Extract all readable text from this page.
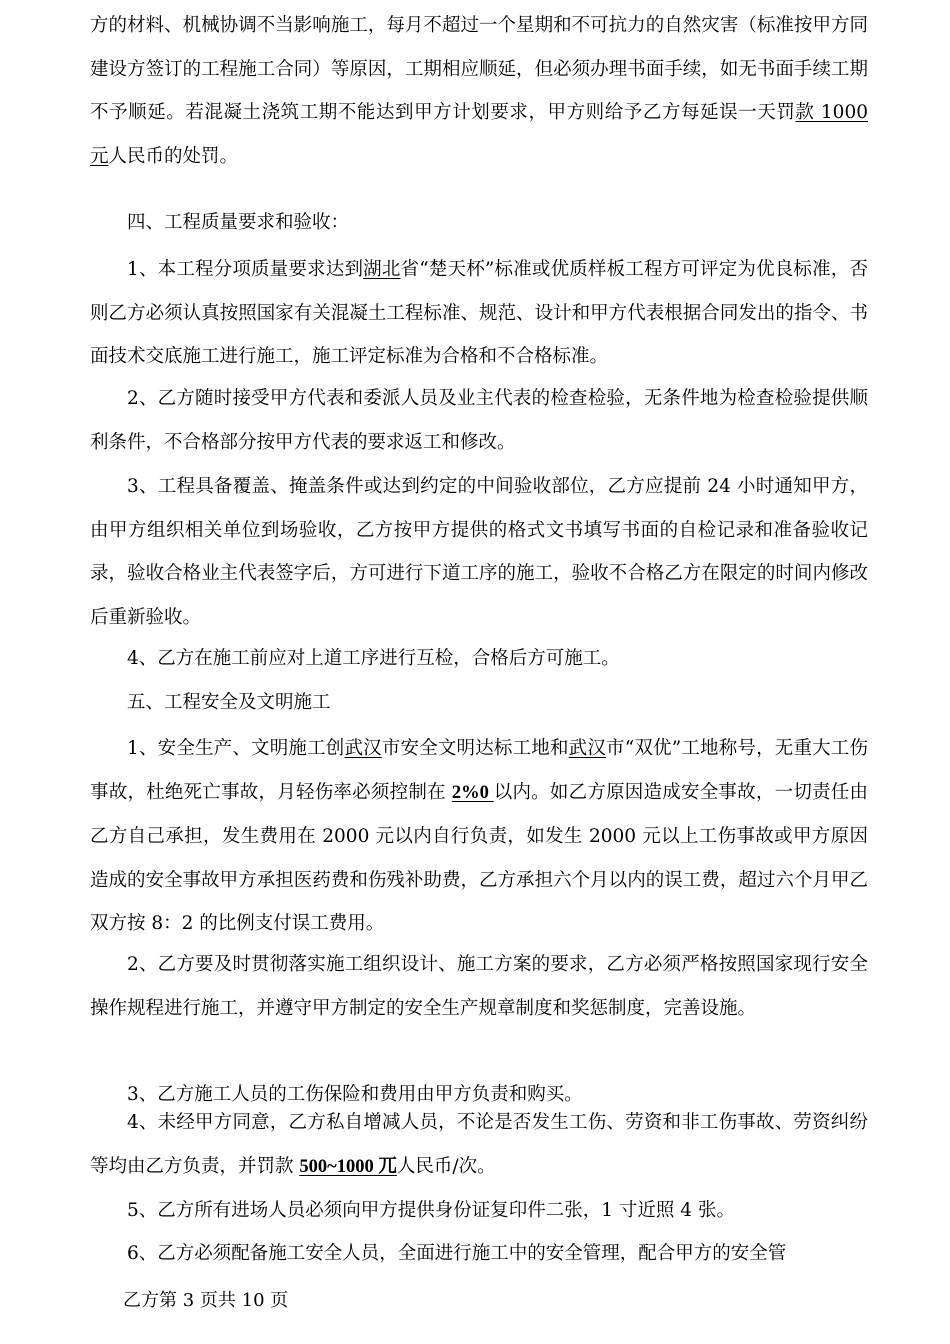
方的材料、机械协调不当影响施工，每月不超过一个星期和不可抗力的自然灾害（标准按甲方同建设方签订的工程施工合同）等原因，工期相应顺延，但必须办理书面手续，如无书面手续工期不予顺延。若混凝土浇筑工期不能达到甲方计划要求，甲方则给予乙方每延误一天罚款 1000 元人民币的处罚。
四、工程质量要求和验收：
1、本工程分项质量要求达到湖北省“楚天杯”标准或优质样板工程方可评定为优良标准，否则乙方必须认真按照国家有关混凝土工程标准、规范、设计和甲方代表根据合同发出的指令、书面技术交底施工进行施工，施工评定标准为合格和不合格标准。
2、乙方随时接受甲方代表和委派人员及业主代表的检查检验，无条件地为检查检验提供顺利条件，不合格部分按甲方代表的要求返工和修改。
3、工程具备覆盖、掩盖条件或达到约定的中间验收部位，乙方应提前 24 小时通知甲方，由甲方组织相关单位到场验收，乙方按甲方提供的格式文书填写书面的自检记录和准备验收记录，验收合格业主代表签字后，方可进行下道工序的施工，验收不合格乙方在限定的时间内修改后重新验收。
4、乙方在施工前应对上道工序进行互检，合格后方可施工。
五、工程安全及文明施工
1、安全生产、文明施工创武汉市安全文明达标工地和武汉市“双优”工地称号，无重大工伤事故，杜绝死亡事故，月轻伤率必须控制在 2%0 以内。如乙方原因造成安全事故，一切责任由乙方自己承担，发生费用在 2000 元以内自行负责，如发生 2000 元以上工伤事故或甲方原因造成的安全事故甲方承担医药费和伤残补助费，乙方承担六个月以内的误工费，超过六个月甲乙双方按 8：2 的比例支付误工费用。
2、乙方要及时贯彻落实施工组织设计、施工方案的要求，乙方必须严格按照国家现行安全操作规程进行施工，并遵守甲方制定的安全生产规章制度和奖惩制度，完善设施。
3、乙方施工人员的工伤保险和费用由甲方负责和购买。
4、未经甲方同意，乙方私自增减人员，不论是否发生工伤、劳资和非工伤事故、劳资纠纷等均由乙方负责，并罚款 500~1000 兀人民币/次。
5、乙方所有进场人员必须向甲方提供身份证复印件二张，1 寸近照 4 张。
6、乙方必须配备施工安全人员，全面进行施工中的安全管理，配合甲方的安全管
乙方第 3 页共 10 页
